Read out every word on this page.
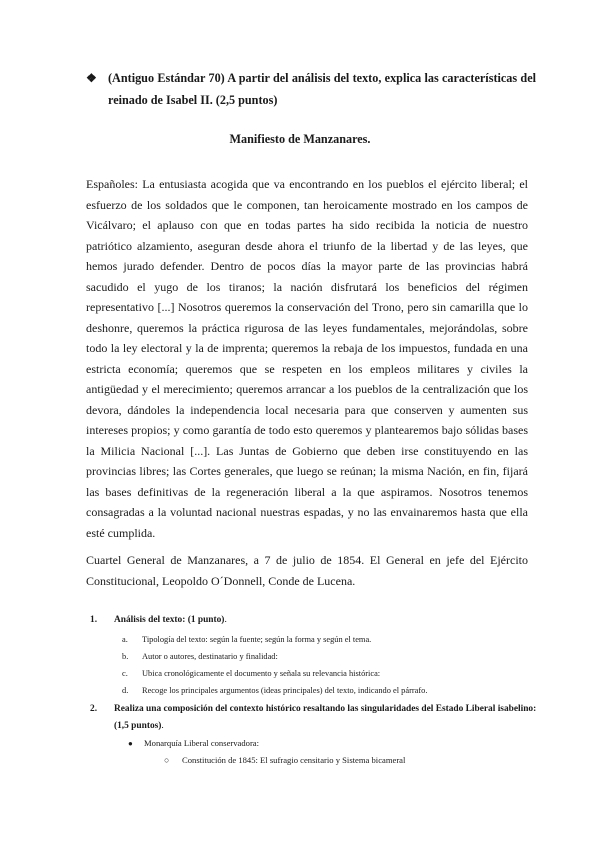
❖ (Antiguo Estándar 70) A partir del análisis del texto, explica las características del reinado de Isabel II. (2,5 puntos)
Manifiesto de Manzanares.
Españoles: La entusiasta acogida que va encontrando en los pueblos el ejército liberal; el esfuerzo de los soldados que le componen, tan heroicamente mostrado en los campos de Vicálvaro; el aplauso con que en todas partes ha sido recibida la noticia de nuestro patriótico alzamiento, aseguran desde ahora el triunfo de la libertad y de las leyes, que hemos jurado defender. Dentro de pocos días la mayor parte de las provincias habrá sacudido el yugo de los tiranos; la nación disfrutará los beneficios del régimen representativo [...] Nosotros queremos la conservación del Trono, pero sin camarilla que lo deshonre, queremos la práctica rigurosa de las leyes fundamentales, mejorándolas, sobre todo la ley electoral y la de imprenta; queremos la rebaja de los impuestos, fundada en una estricta economía; queremos que se respeten en los empleos militares y civiles la antigüedad y el merecimiento; queremos arrancar a los pueblos de la centralización que los devora, dándoles la independencia local necesaria para que conserven y aumenten sus intereses propios; y como garantía de todo esto queremos y plantearemos bajo sólidas bases la Milicia Nacional [...]. Las Juntas de Gobierno que deben irse constituyendo en las provincias libres; las Cortes generales, que luego se reúnan; la misma Nación, en fin, fijará las bases definitivas de la regeneración liberal a la que aspiramos. Nosotros tenemos consagradas a la voluntad nacional nuestras espadas, y no las envainaremos hasta que ella esté cumplida.
Cuartel General de Manzanares, a 7 de julio de 1854. El General en jefe del Ejército Constitucional, Leopoldo O´Donnell, Conde de Lucena.
1. Análisis del texto: (1 punto).
a. Tipología del texto: según la fuente; según la forma y según el tema.
b. Autor o autores, destinatario y finalidad:
c. Ubica cronológicamente el documento y señala su relevancia histórica:
d. Recoge los principales argumentos (ideas principales) del texto, indicando el párrafo.
2. Realiza una composición del contexto histórico resaltando las singularidades del Estado Liberal isabelino: (1,5 puntos).
● Monarquía Liberal conservadora:
○ Constitución de 1845: El sufragio censitario y Sistema bicameral
